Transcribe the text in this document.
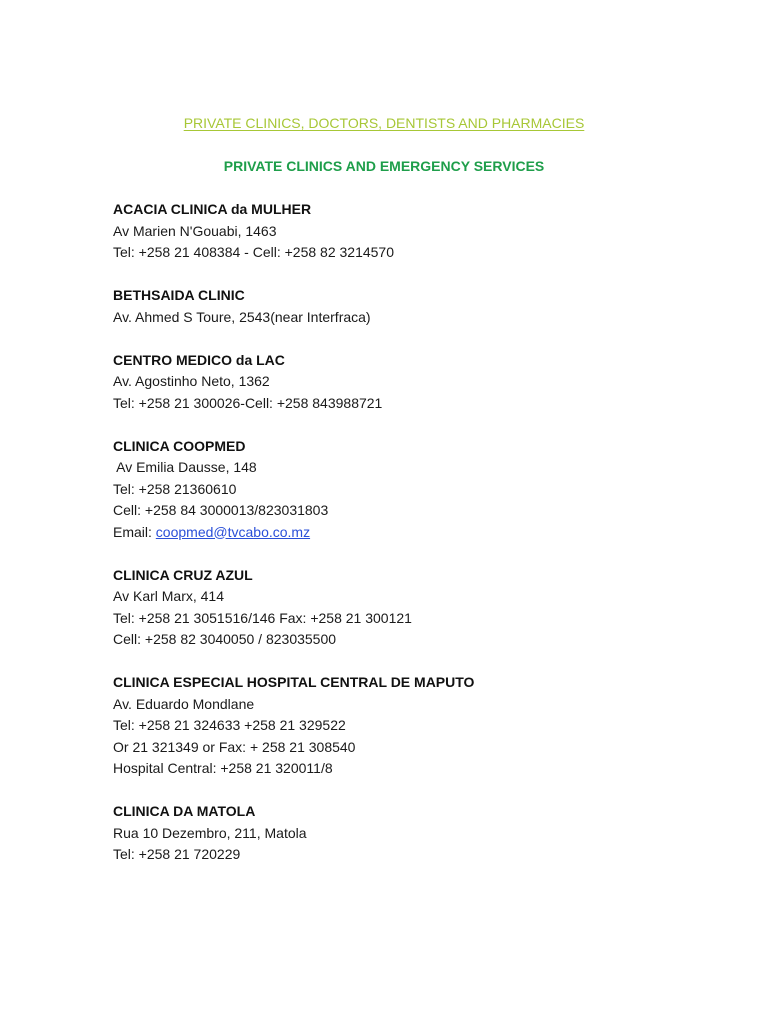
PRIVATE CLINICS, DOCTORS, DENTISTS AND PHARMACIES
PRIVATE CLINICS AND EMERGENCY SERVICES
ACACIA CLINICA da MULHER
Av Marien N'Gouabi, 1463
Tel: +258 21 408384 - Cell: +258 82 3214570
BETHSAIDA CLINIC
Av. Ahmed S Toure, 2543(near Interfraca)
CENTRO MEDICO da LAC
Av. Agostinho Neto, 1362
Tel: +258 21 300026-Cell: +258 843988721
CLINICA COOPMED
Av Emilia Dausse, 148
Tel: +258 21360610
Cell: +258 84 3000013/823031803
Email: coopmed@tvcabo.co.mz
CLINICA CRUZ AZUL
Av Karl Marx, 414
Tel: +258 21 3051516/146 Fax: +258 21 300121
Cell: +258 82 3040050 / 823035500
CLINICA ESPECIAL HOSPITAL CENTRAL DE MAPUTO
Av. Eduardo Mondlane
Tel: +258 21 324633 +258 21 329522
Or 21 321349 or Fax: + 258 21 308540
Hospital Central: +258 21 320011/8
CLINICA DA MATOLA
Rua 10 Dezembro, 211, Matola
Tel: +258 21 720229
